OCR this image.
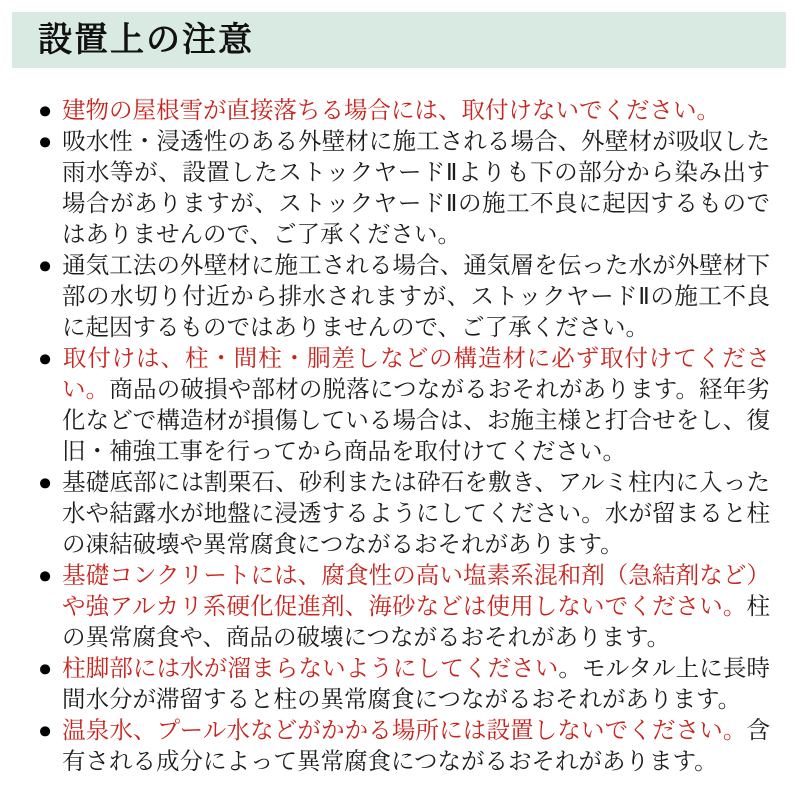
設置上の注意
● 建物の屋根雪が直接落ちる場合には、取付けないでください。
● 吸水性・浸透性のある外壁材に施工される場合、外壁材が吸収した雨水等が、設置したストックヤードⅡよりも下の部分から染み出す場合がありますが、ストックヤードⅡの施工不良に起因するものではありませんので、ご了承ください。
● 通気工法の外壁材に施工される場合、通気層を伝った水が外壁材下部の水切り付近から排水されますが、ストックヤードⅡの施工不良に起因するものではありませんので、ご了承ください。
● 取付けは、柱・間柱・胴差しなどの構造材に必ず取付けてください。商品の破損や部材の脱落につながるおそれがあります。経年劣化などで構造材が損傷している場合は、お施主様と打合せをし、復旧・補強工事を行ってから商品を取付けてください。
● 基礎底部には割栗石、砂利または砕石を敷き、アルミ柱内に入った水や結露水が地盤に浸透するようにしてください。水が留まると柱の凍結破壊や異常腐食につながるおそれがあります。
● 基礎コンクリートには、腐食性の高い塩素系混和剤（急結剤など）や強アルカリ系硬化促進剤、海砂などは使用しないでください。柱の異常腐食や、商品の破壊につながるおそれがあります。
● 柱脚部には水が溜まらないようにしてください。モルタル上に長時間水分が滞留すると柱の異常腐食につながるおそれがあります。
● 温泉水、プール水などがかかる場所には設置しないでください。含有される成分によって異常腐食につながるおそれがあります。
